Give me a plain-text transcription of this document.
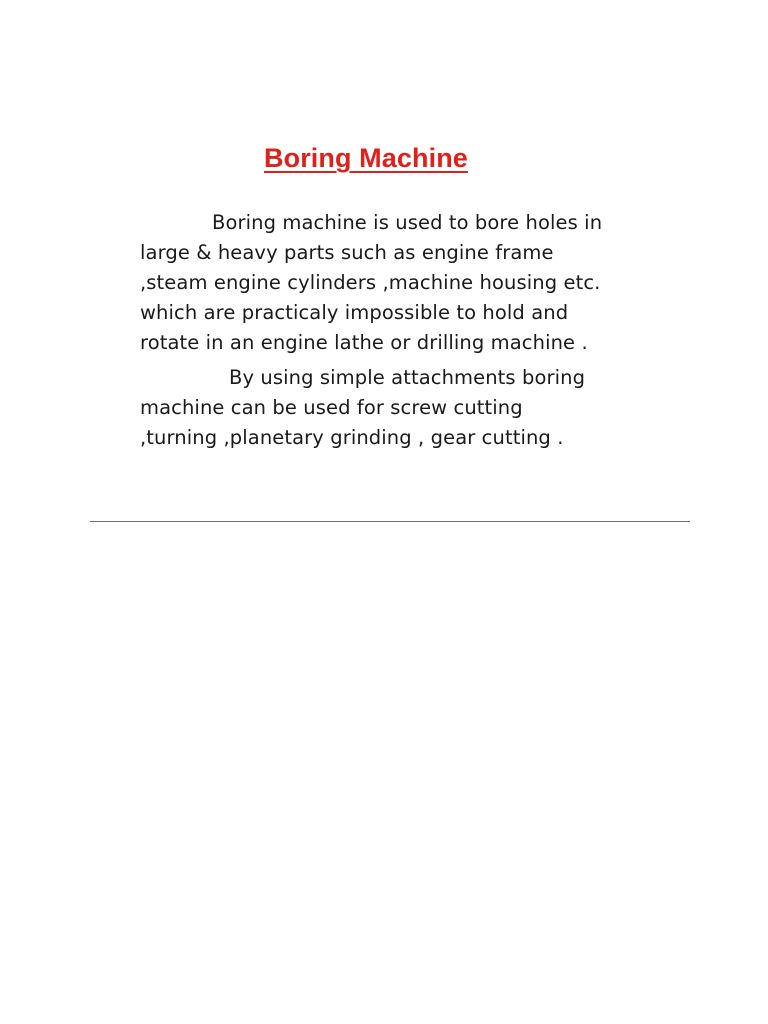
Boring Machine
Boring machine is used to bore holes in
large & heavy parts such as engine frame
,steam engine cylinders ,machine housing etc.
which are practicaly impossible to hold and
rotate in an engine lathe or drilling machine .
By using simple attachments boring
machine can be used for screw cutting
,turning ,planetary grinding , gear cutting .
